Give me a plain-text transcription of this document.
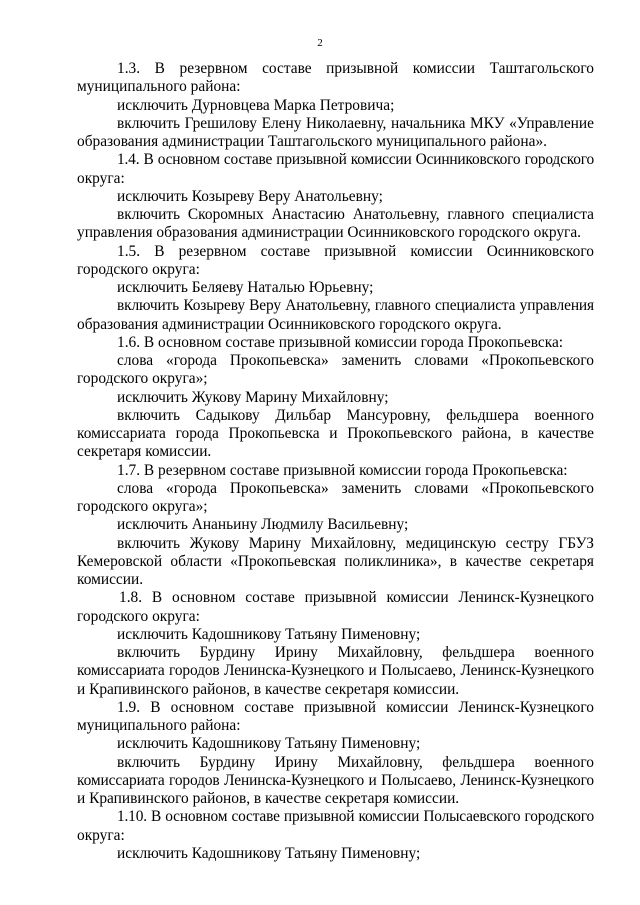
2
1.3. В резервном составе призывной комиссии Таштагольского
муниципального района:
исключить Дурновцева Марка Петровича;
включить Грешилову Елену Николаевну, начальника МКУ «Управление
образования администрации Таштагольского муниципального района».
1.4. В основном составе призывной комиссии Осинниковского городского
округа:
исключить Козыреву Веру Анатольевну;
включить Скоромных Анастасию Анатольевну, главного специалиста
управления образования администрации Осинниковского городского округа.
1.5. В резервном составе призывной комиссии Осинниковского
городского округа:
исключить Беляеву Наталью Юрьевну;
включить Козыреву Веру Анатольевну, главного специалиста управления
образования администрации Осинниковского городского округа.
1.6. В основном составе призывной комиссии города Прокопьевска:
слова «города Прокопьевска» заменить словами «Прокопьевского
городского округа»;
исключить Жукову Марину Михайловну;
включить Садыкову Дильбар Мансуровну, фельдшера военного
комиссариата города Прокопьевска и Прокопьевского района, в качестве
секретаря комиссии.
1.7. В резервном составе призывной комиссии города Прокопьевска:
слова «города Прокопьевска» заменить словами «Прокопьевского
городского округа»;
исключить Ананьину Людмилу Васильевну;
включить Жукову Марину Михайловну, медицинскую сестру ГБУЗ
Кемеровской области «Прокопьевская поликлиника», в качестве секретаря
комиссии.
1.8. В основном составе призывной комиссии Ленинск-Кузнецкого
городского округа:
исключить Кадошникову Татьяну Пименовну;
включить Бурдину Ирину Михайловну, фельдшера военного
комиссариата городов Ленинска-Кузнецкого и Полысаево, Ленинск-Кузнецкого
и Крапивинского районов, в качестве секретаря комиссии.
1.9. В основном составе призывной комиссии Ленинск-Кузнецкого
муниципального района:
исключить Кадошникову Татьяну Пименовну;
включить Бурдину Ирину Михайловну, фельдшера военного
комиссариата городов Ленинска-Кузнецкого и Полысаево, Ленинск-Кузнецкого
и Крапивинского районов, в качестве секретаря комиссии.
1.10. В основном составе призывной комиссии Полысаевского городского
округа:
исключить Кадошникову Татьяну Пименовну;
